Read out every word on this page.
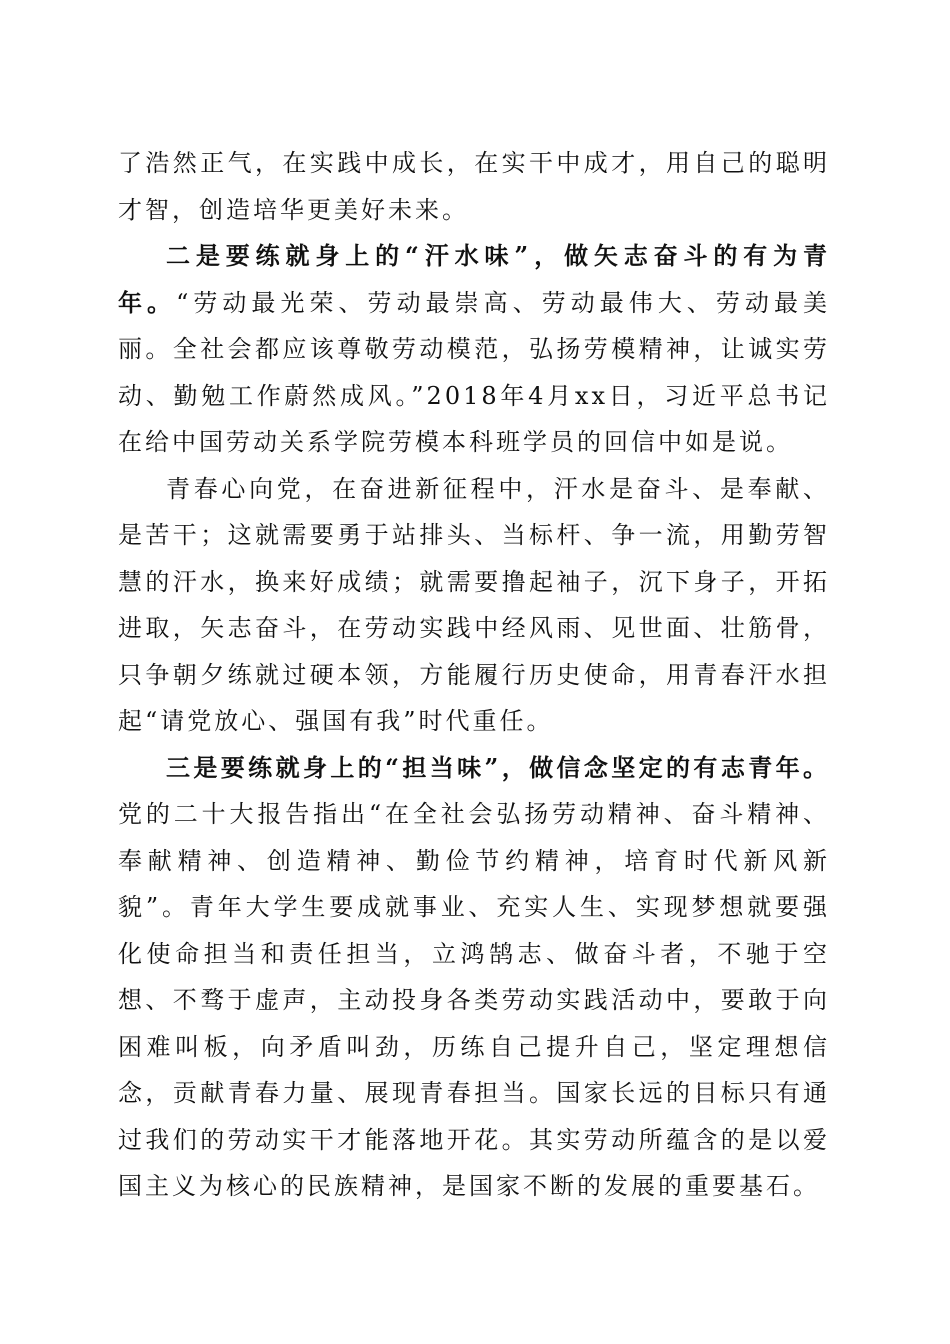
了浩然正气，在实践中成长，在实干中成才，用自己的聪明才智，创造培华更美好未来。

二是要练就身上的“汗水味”，做矢志奋斗的有为青年。“劳动最光荣、劳动最崇高、劳动最伟大、劳动最美丽。全社会都应该尊敬劳动模范，弘扬劳模精神，让诚实劳动、勤勉工作蔚然成风。”2018年4月xx日，习近平总书记在给中国劳动关系学院劳模本科班学员的回信中如是说。

青春心向党，在奋进新征程中，汗水是奋斗、是奉献、是苦干；这就需要勇于站排头、当标杆、争一流，用勤劳智慧的汗水，换来好成绩；就需要撸起袖子，沉下身子，开拓进取，矢志奋斗，在劳动实践中经风雨、见世面、壮筋骨，只争朝夕练就过硬本领，方能履行历史使命，用青春汗水担起“请党放心、强国有我”时代重任。

三是要练就身上的“担当味”，做信念坚定的有志青年。党的二十大报告指出“在全社会弘扬劳动精神、奋斗精神、奉献精神、创造精神、勤俭节约精神，培育时代新风新貌”。青年大学生要成就事业、充实人生、实现梦想就要强化使命担当和责任担当，立鸿鹄志、做奋斗者，不驰于空想、不骛于虚声，主动投身各类劳动实践活动中，要敢于向困难叫板，向矛盾叫劲，历练自己提升自己，坚定理想信念，贡献青春力量、展现青春担当。国家长远的目标只有通过我们的劳动实干才能落地开花。其实劳动所蕴含的是以爱国主义为核心的民族精神，是国家不断的发展的重要基石。
